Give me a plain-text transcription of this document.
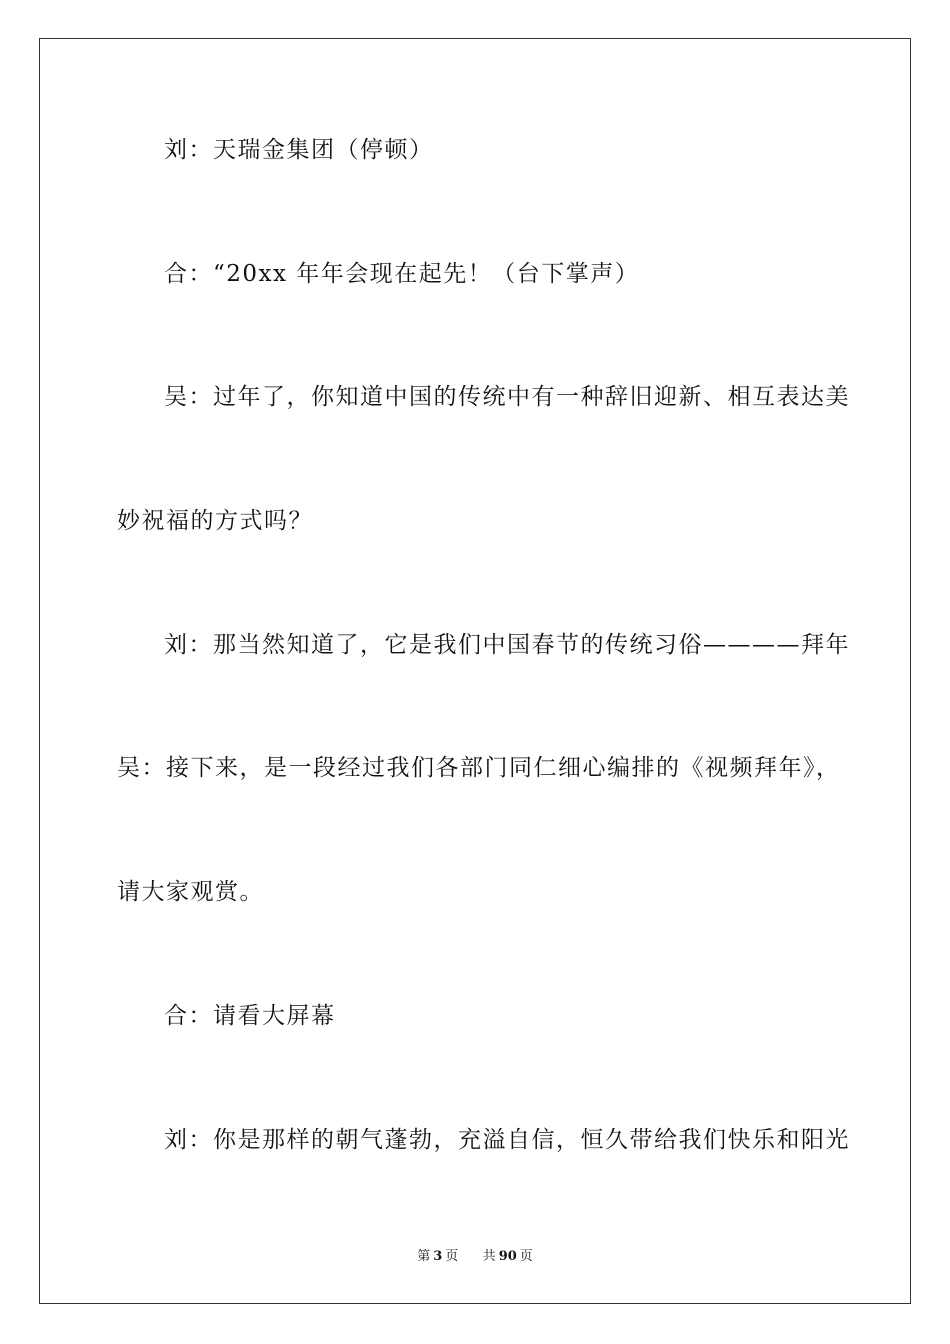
刘：天瑞金集团（停顿）
合：“20xx 年年会现在起先！（台下掌声）
吴：过年了，你知道中国的传统中有一种辞旧迎新、相互表达美
妙祝福的方式吗？
刘：那当然知道了，它是我们中国春节的传统习俗————拜年
吴：接下来，是一段经过我们各部门同仁细心编排的《视频拜年》，
请大家观赏。
合：请看大屏幕
刘：你是那样的朝气蓬勃，充溢自信，恒久带给我们快乐和阳光
第 3 页 共 90 页
